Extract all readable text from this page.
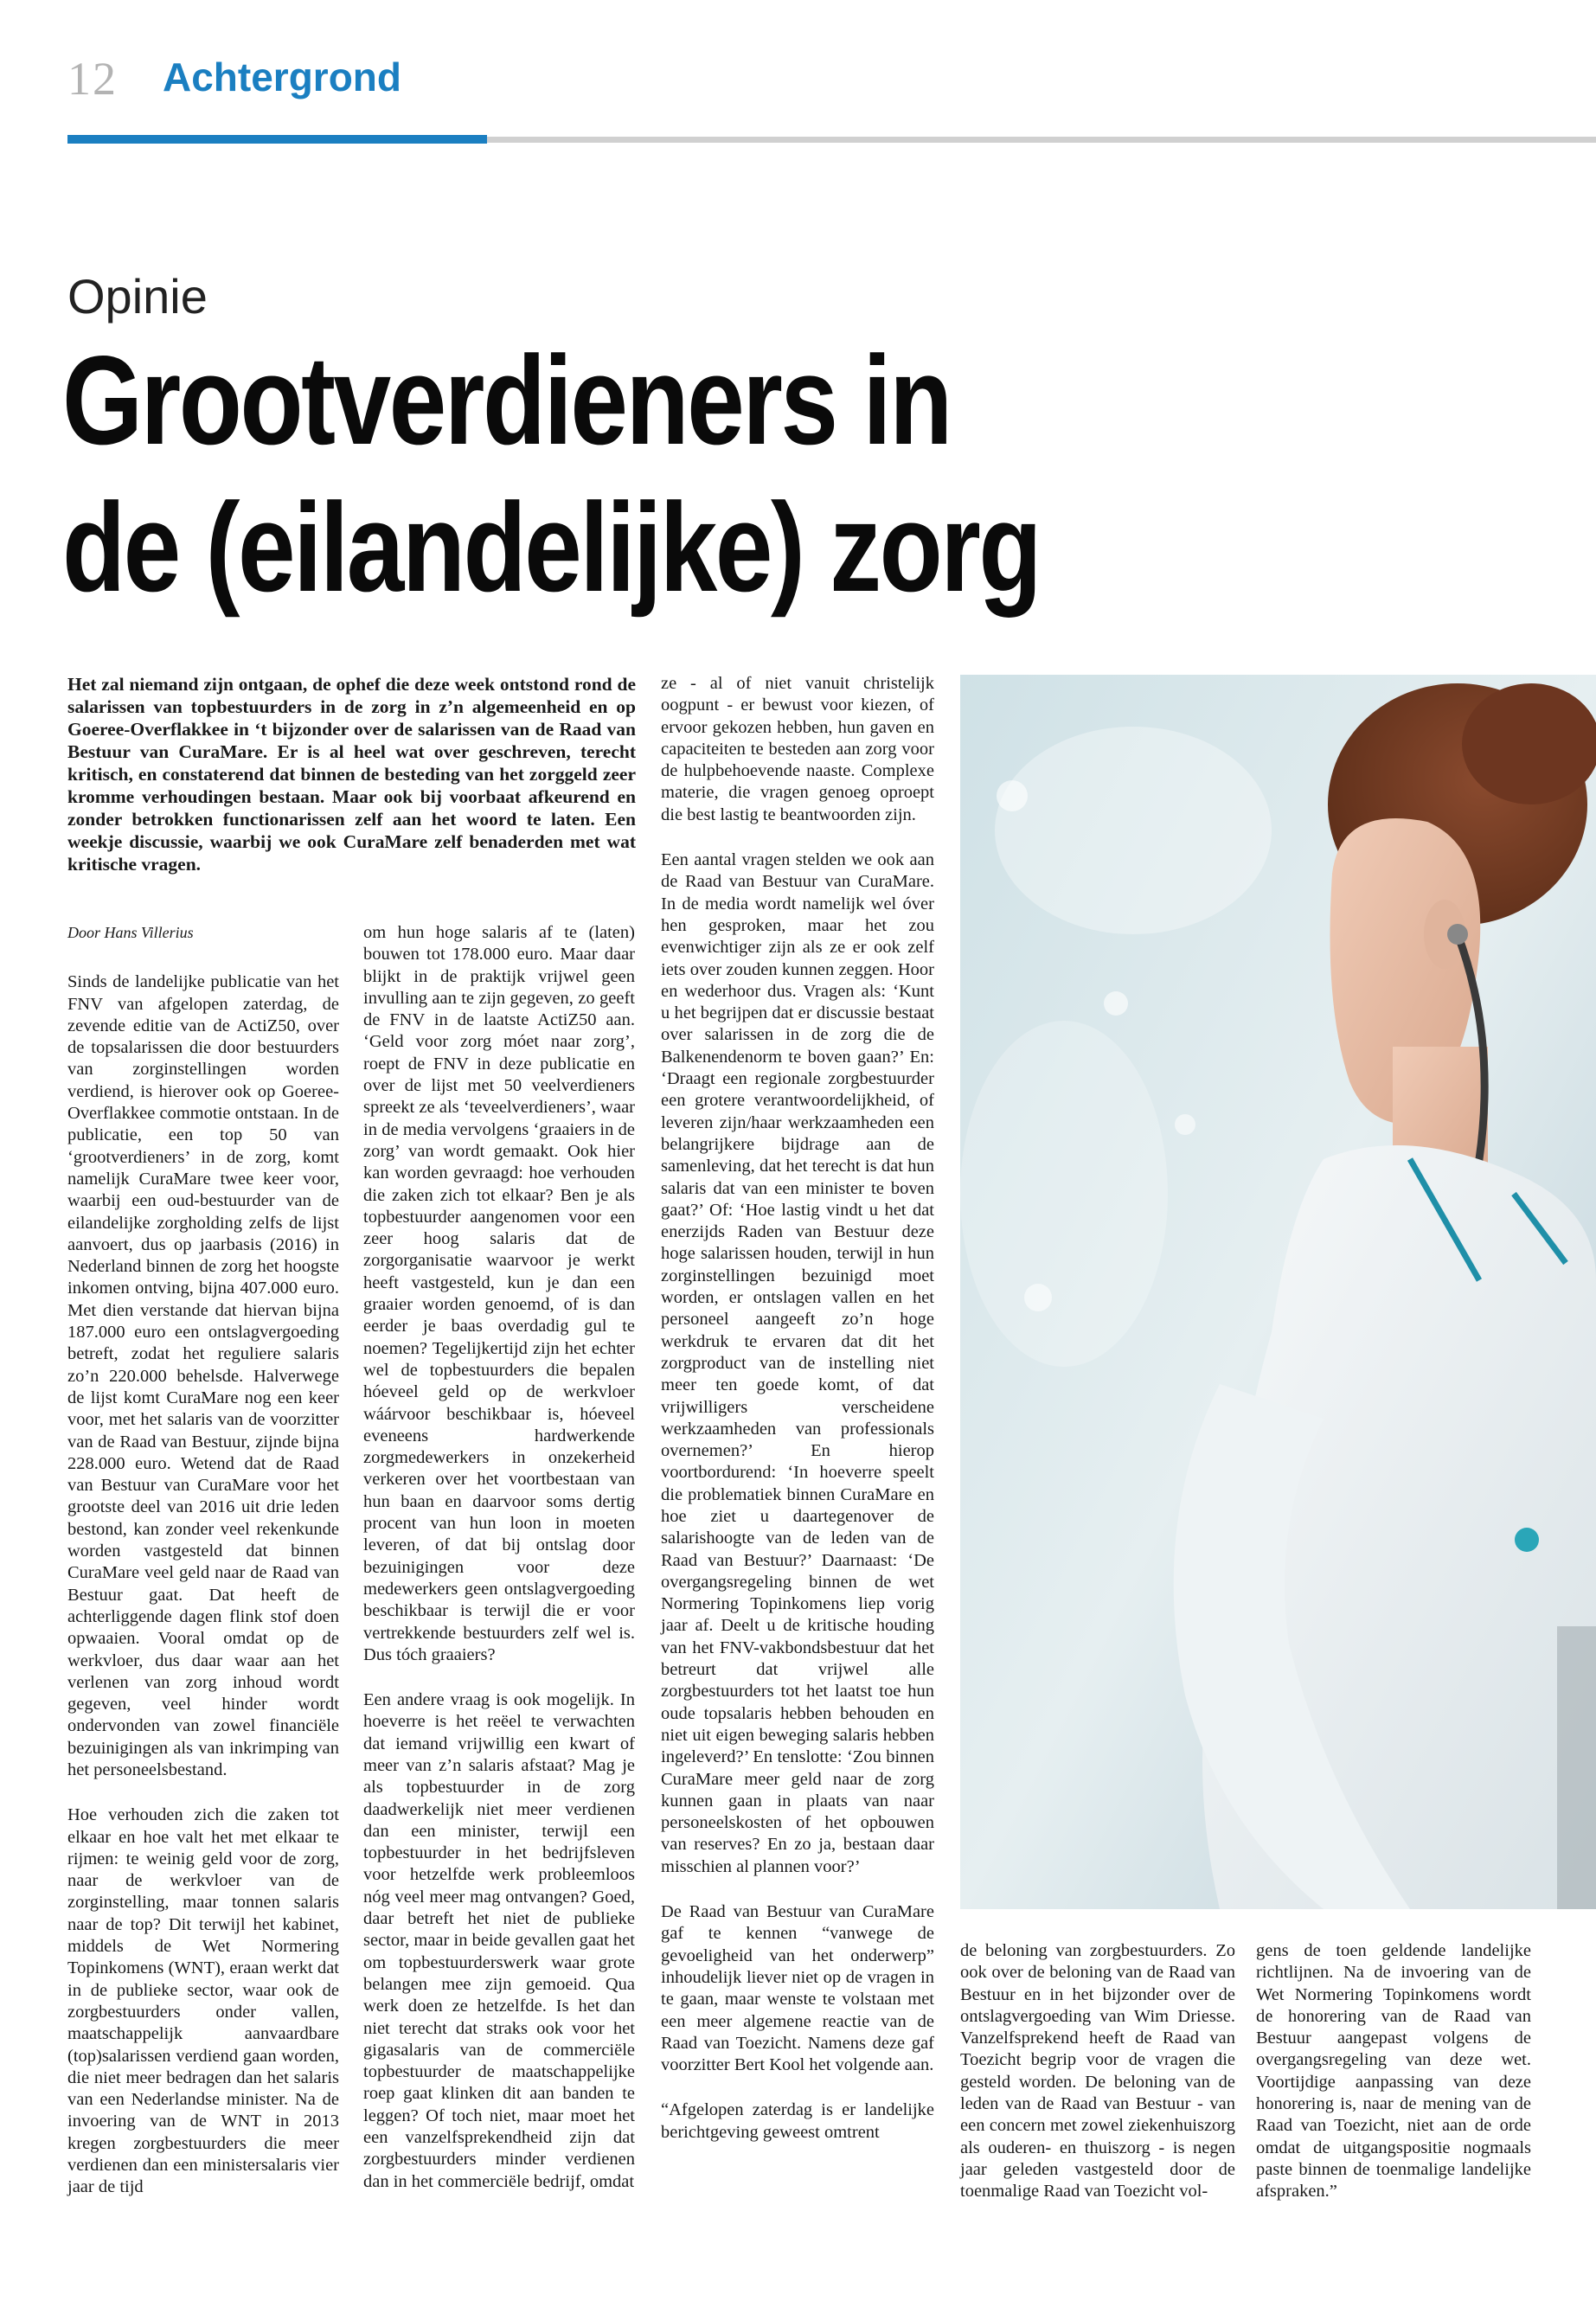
12 Achtergrond
Opinie
Grootverdieners in
de (eilandelijke) zorg
Het zal niemand zijn ontgaan, de ophef die deze week ontstond rond de salarissen van topbestuurders in de zorg in z’n algemeenheid en op Goeree-Overflakkee in ‘t bijzonder over de salarissen van de Raad van Bestuur van CuraMare. Er is al heel wat over geschreven, terecht kritisch, en constaterend dat binnen de besteding van het zorggeld zeer kromme verhoudingen bestaan. Maar ook bij voorbaat afkeurend en zonder betrokken functionarissen zelf aan het woord te laten. Een weekje discussie, waarbij we ook CuraMare zelf benaderden met wat kritische vragen.

Door Hans Villerius

Sinds de landelijke publicatie van het FNV van afgelopen zaterdag, de zevende editie van de ActiZ50, over de topsalarissen die door bestuurders van zorginstellingen worden verdiend, is hierover ook op Goeree-Overflakkee commotie ontstaan. In de publicatie, een top 50 van ‘grootverdieners’ in de zorg, komt namelijk CuraMare twee keer voor, waarbij een oud-bestuurder van de eilandelijke zorgholding zelfs de lijst aanvoert, dus op jaarbasis (2016) in Nederland binnen de zorg het hoogste inkomen ontving, bijna 407.000 euro. Met dien verstande dat hiervan bijna 187.000 euro een ontslagvergoeding betreft, zodat het reguliere salaris zo’n 220.000 behelsde. Halverwege de lijst komt CuraMare nog een keer voor, met het salaris van de voorzitter van de Raad van Bestuur, zijnde bijna 228.000 euro. Wetend dat de Raad van Bestuur van CuraMare voor het grootste deel van 2016 uit drie leden bestond, kan zonder veel rekenkunde worden vastgesteld dat binnen CuraMare veel geld naar de Raad van Bestuur gaat. Dat heeft de achterliggende dagen flink stof doen opwaaien. Vooral omdat op de werkvloer, dus daar waar aan het verlenen van zorg inhoud wordt gegeven, veel hinder wordt ondervonden van zowel financiële bezuinigingen als van inkrimping van het personeelsbestand.

Hoe verhouden zich die zaken tot elkaar en hoe valt het met elkaar te rijmen: te weinig geld voor de zorg, naar de werkvloer van de zorginstelling, maar tonnen salaris naar de top? Dit terwijl het kabinet, middels de Wet Normering Topinkomens (WNT), eraan werkt dat in de publieke sector, waar ook de zorgbestuurders onder vallen, maatschappelijk aanvaardbare (top)salarissen verdiend gaan worden, die niet meer bedragen dan het salaris van een Nederlandse minister. Na de invoering van de WNT in 2013 kregen zorgbestuurders die meer verdienen dan een ministersalaris vier jaar de tijd

om hun hoge salaris af te (laten) bouwen tot 178.000 euro. Maar daar blijkt in de praktijk vrijwel geen invulling aan te zijn gegeven, zo geeft de FNV in de laatste ActiZ50 aan. ‘Geld voor zorg móet naar zorg’, roept de FNV in deze publicatie en over de lijst met 50 veelverdieners spreekt ze als ‘teveelverdieners’, waar in de media vervolgens ‘graaiers in de zorg’ van wordt gemaakt. Ook hier kan worden gevraagd: hoe verhouden die zaken zich tot elkaar? Ben je als topbestuurder aangenomen voor een zeer hoog salaris dat de zorgorganisatie waarvoor je werkt heeft vastgesteld, kun je dan een graaier worden genoemd, of is dan eerder je baas overdadig gul te noemen? Tegelijkertijd zijn het echter wel de topbestuurders die bepalen hóeveel geld op de werkvloer wáárvoor beschikbaar is, hóeveel eveneens hardwerkende zorgmedewerkers in onzekerheid verkeren over het voortbestaan van hun baan en daarvoor soms dertig procent van hun loon in moeten leveren, of dat bij ontslag door bezuinigingen voor deze medewerkers geen ontslagvergoeding beschikbaar is terwijl die er voor vertrekkende bestuurders zelf wel is. Dus tóch graaiers?

Een andere vraag is ook mogelijk. In hoeverre is het reëel te verwachten dat iemand vrijwillig een kwart of meer van z’n salaris afstaat? Mag je als topbestuurder in de zorg daadwerkelijk niet meer verdienen dan een minister, terwijl een topbestuurder in het bedrijfsleven voor hetzelfde werk probleemloos nóg veel meer mag ontvangen? Goed, daar betreft het niet de publieke sector, maar in beide gevallen gaat het om topbestuurderswerk waar grote belangen mee zijn gemoeid. Qua werk doen ze hetzelfde. Is het dan niet terecht dat straks ook voor het gigasalaris van de commerciële topbestuurder de maatschappelijke roep gaat klinken dit aan banden te leggen? Of toch niet, maar moet het een vanzelfsprekendheid zijn dat zorgbestuurders minder verdienen dan in het commerciële bedrijf, omdat

ze - al of niet vanuit christelijk oogpunt - er bewust voor kiezen, of ervoor gekozen hebben, hun gaven en capaciteiten te besteden aan zorg voor de hulpbehoevende naaste. Complexe materie, die vragen genoeg oproept die best lastig te beantwoorden zijn.

Een aantal vragen stelden we ook aan de Raad van Bestuur van CuraMare. In de media wordt namelijk wel óver hen gesproken, maar het zou evenwichtiger zijn als ze er ook zelf iets over zouden kunnen zeggen. Hoor en wederhoor dus. Vragen als: ‘Kunt u het begrijpen dat er discussie bestaat over salarissen in de zorg die de Balkenendenorm te boven gaan?’ En: ‘Draagt een regionale zorgbestuurder een grotere verantwoordelijkheid, of leveren zijn/haar werkzaamheden een belangrijkere bijdrage aan de samenleving, dat het terecht is dat hun salaris dat van een minister te boven gaat?’ Of: ‘Hoe lastig vindt u het dat enerzijds Raden van Bestuur deze hoge salarissen houden, terwijl in hun zorginstellingen bezuinigd moet worden, er ontslagen vallen en het personeel aangeeft zo’n hoge werkdruk te ervaren dat dit het zorgproduct van de instelling niet meer ten goede komt, of dat vrijwilligers verscheidene werkzaamheden van professionals overnemen?’ En hierop voortbordurend: ‘In hoeverre speelt die problematiek binnen CuraMare en hoe ziet u daartegenover de salarishoogte van de leden van de Raad van Bestuur?’ Daarnaast: ‘De overgangsregeling binnen de wet Normering Topinkomens liep vorig jaar af. Deelt u de kritische houding van het FNV-vakbondsbestuur dat het betreurt dat vrijwel alle zorgbestuurders tot het laatst toe hun oude topsalaris hebben behouden en niet uit eigen beweging salaris hebben ingeleverd?’ En tenslotte: ‘Zou binnen CuraMare meer geld naar de zorg kunnen gaan in plaats van naar personeelskosten of het opbouwen van reserves? En zo ja, bestaan daar misschien al plannen voor?’

De Raad van Bestuur van CuraMare gaf te kennen “vanwege de gevoeligheid van het onderwerp” inhoudelijk liever niet op de vragen in te gaan, maar wenste te volstaan met een meer algemene reactie van de Raad van Toezicht. Namens deze gaf voorzitter Bert Kool het volgende aan.

“Afgelopen zaterdag is er landelijke berichtgeving geweest omtrent

de beloning van zorgbestuurders. Zo ook over de beloning van de Raad van Bestuur en in het bijzonder over de ontslagvergoeding van Wim Driesse. Vanzelfsprekend heeft de Raad van Toezicht begrip voor de vragen die gesteld worden. De beloning van de leden van de Raad van Bestuur - van een concern met zowel ziekenhuiszorg als ouderen- en thuiszorg - is negen jaar geleden vastgesteld door de toenmalige Raad van Toezicht vol-

gens de toen geldende landelijke richtlijnen. Na de invoering van de Wet Normering Topinkomens wordt de honorering van de Raad van Bestuur aangepast volgens de overgangsregeling van deze wet. Voortijdige aanpassing van deze honorering is, naar de mening van de Raad van Toezicht, niet aan de orde omdat de uitgangspositie nogmaals paste binnen de toenmalige landelijke afspraken.”
